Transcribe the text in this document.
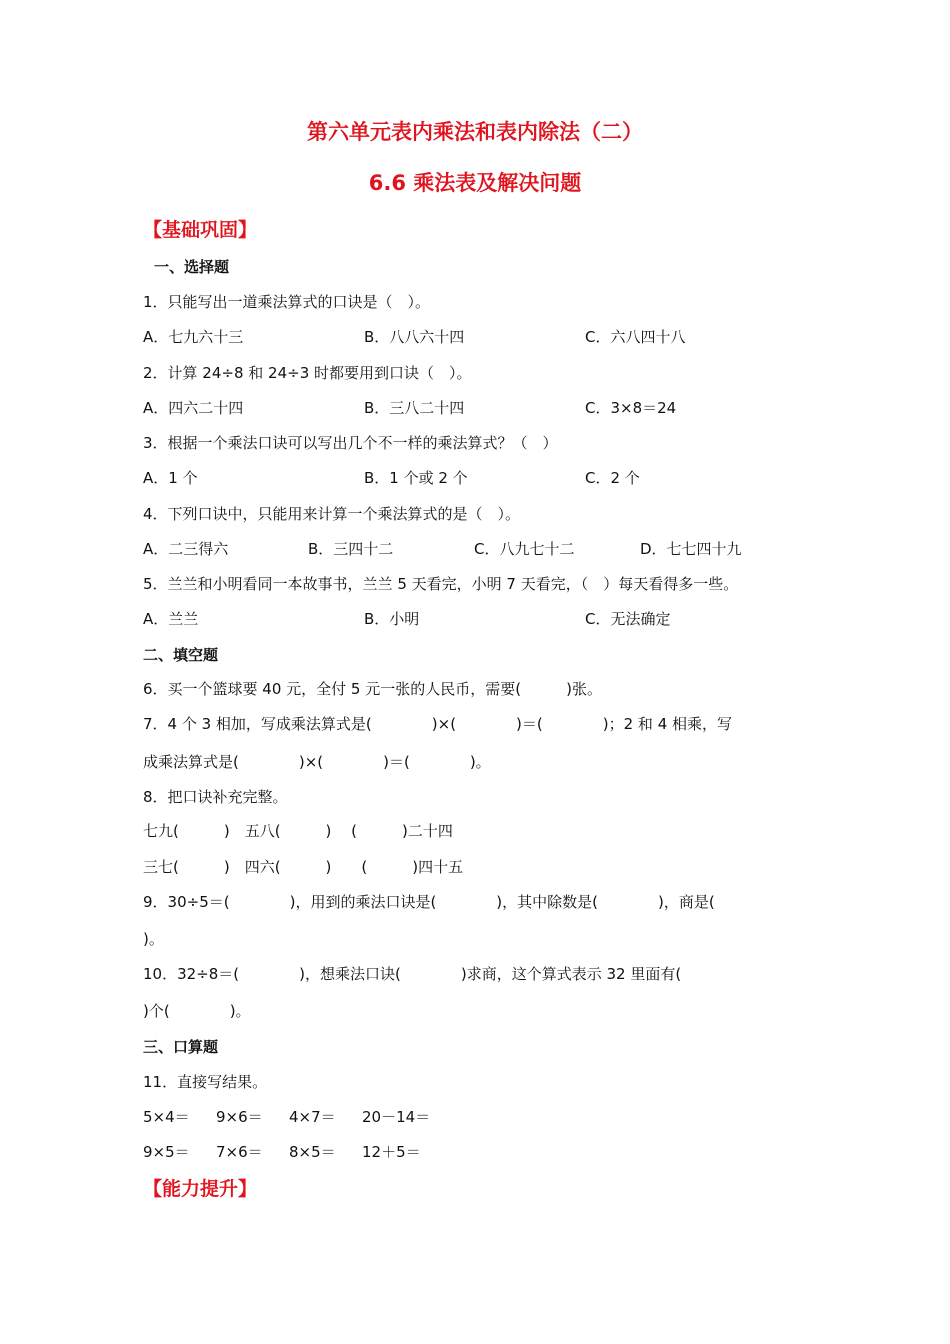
第六单元表内乘法和表内除法（二）
6.6 乘法表及解决问题
【基础巩固】
一、选择题
1．只能写出一道乘法算式的口诀是（　）。
A．七九六十三	B．八八六十四	C．六八四十八
2．计算 24÷8 和 24÷3 时都要用到口诀（　）。
A．四六二十四	B．三八二十四	C．3×8＝24
3．根据一个乘法口诀可以写出几个不一样的乘法算式？（　）
A．1 个	B．1 个或 2 个	C．2 个
4．下列口诀中，只能用来计算一个乘法算式的是（　）。
A．二三得六	B．三四十二	C．八九七十二	D．七七四十九
5．兰兰和小明看同一本故事书，兰兰 5 天看完，小明 7 天看完，（　）每天看得多一些。
A．兰兰	B．小明	C．无法确定
二、填空题
6．买一个篮球要 40 元，全付 5 元一张的人民币，需要(　　　)张。
7．4 个 3 相加，写成乘法算式是(　　　　)×(　　　　)＝(　　　　)；2 和 4 相乘，写
成乘法算式是(　　　　)×(　　　　)＝(　　　　)。
8．把口诀补充完整。
七九(　　　)　五八(　　　)　 (　　　)二十四
三七(　　　)　四六(　　　)　　(　　　)四十五
9．30÷5＝(　　　　)，用到的乘法口诀是(　　　　)，其中除数是(　　　　)，商是(
)。
10．32÷8＝(　　　　)，想乘法口诀(　　　　)求商，这个算式表示 32 里面有(
)个(　　　　)。
三、口算题
11．直接写结果。
5×4＝ 9×6＝ 4×7＝ 20－14＝
9×5＝ 7×6＝ 8×5＝ 12＋5＝
【能力提升】
